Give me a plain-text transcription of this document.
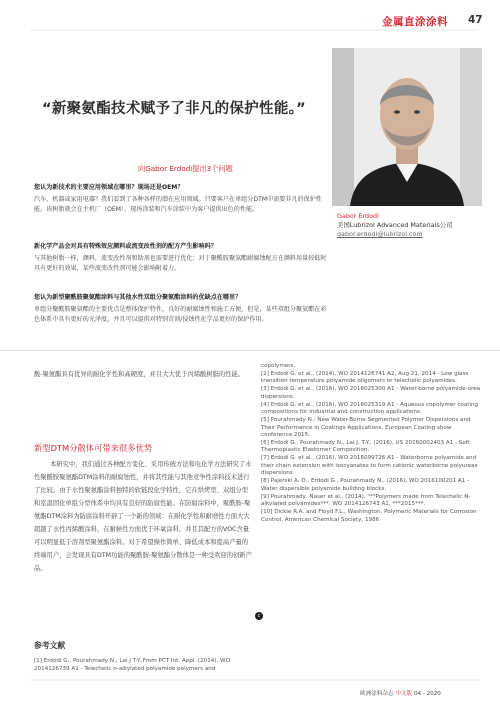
金属直涂涂料 47
“新聚氨酯技术赋予了非凡的保护性能。”
向Gabor Erdodi提出3个问题
您认为新技术的主要应用领域在哪里？现场还是OEM？
汽车、机器或家用电器？我们看到了各种各样的潜在应用领域。只要客户在单组分DTM中需要非凡的保护性能，该树脂就会在主机厂（OEM）、现场涂装和汽车涂装中为客户提供出色的性能。
新化学产品会对具有特殊效应颜料或流变改性剂的配方产生影响吗？
与其他树脂一样，颜料，流变改性剂和助剂也需要进行优化：对于聚酰胺聚氨酯耐腐蚀配方在颜料用量较低时具有更好的效果，某些流变改性剂可能会影响附着力。
您认为新型聚酰胺聚氨酯涂料与其他水性双组分聚氨酯涂料的优缺点在哪里？
单组分聚酰胺聚氨酯的主要优点是整体保护特性，良好的耐腐蚀性和施工方便，但是，某些双组分聚氨酯在彩色体系中具有更好的光泽度，并且可以提供对特别苛刻/侵蚀性化学品更好的保护作用。
Gabor Erdodi
美国Lubrizol Advanced Materials公司
gabor.erdodi@lubrizol.com
酸-聚氨酯具有优异的耐化学性和高硬度，并且大大优于丙烯酸树脂的性能。
新型DTM分散体可带来很多优势
本研究中，我们通过各种配方变化、采用传统方法和电化学方法研究了水性聚酰胺聚氨酯DTM涂料的耐腐蚀性，并将其性能与其他竞争性涂料技术进行了比较。由于水性聚氨酯涂料独特的软链段化学特性，它在烘烤型、双组分型和室温固化单组分型体系中均具有良好的防腐性能。在防腐涂料中，聚酰胺-聚氨酯DTM涂料为防腐涂料开辟了一个新的领域：在耐化学性和耐磨性方面大大超越了水性丙烯酸涂料，在耐候性方面优于环氧涂料，并且其配方的VOC含量可以明显低于溶剂型聚氨酯涂料。对于希望操作简单、降低成本和提高产量的终端用户，会发现具有DTM功能的聚酰胺-聚氨酯分散体是一种受欢迎的创新产品。
c

copolymers.

[2] Erdodi G. et al., (2014), WO 2014126741 A2, Aug 21, 2014 - Low glass transition temperature polyamide oligomers or telechelic polyamides.

[3] Erdodi G. et al., (2016), WO 2016025300 A1 - Water-borne polyamide-urea dispersions.

[4] Erdodi G. et al., (2016), WO 2016025319 A1 - Aqueous copolymer coating compositions for industrial and construction applications.

[5] Pourahmady N.: New Water-Borne Segmented Polymer Dispersions and Their Performance in Coatings Applications, European Coating show conference 2015.

[6] Erdodi G., Pourahmady N., Lai J. T-Y., (2016), US 20160002403 A1 - Soft Thermoplastic Elastomer Composition.

[7] Erdodi G. et al., (2016), WO 2016099726 A1 - Waterborne polyamide and their chain extension with isocyanates to form cationic waterborne polyureas dispersions.

[8] Pajerski A. D., Erdodi G., Pourahmady N., (2016), WO 2016100201 A1 - Water dispersible polyamide building blocks.

[9] Pourahmady, Naser et al., (2014), "**Polymers made from Telechelic N-alkylated polyamides***, WO 2014126743 A1, ***2015***.

[10] Dickie R.A. and Floyd F.L., Washington, Polymeric Materials for Corrosion Control, American Chemical Society, 1986

参考文献
[1] Erdodi G., Pourahmady N., Lai J T-Y.,From PCT Int. Appl. (2014), WO 2014126739 A1 - Telechelic n-alkylated polyamide polymers and
欧洲涂料杂志 中文版 04 - 2020
